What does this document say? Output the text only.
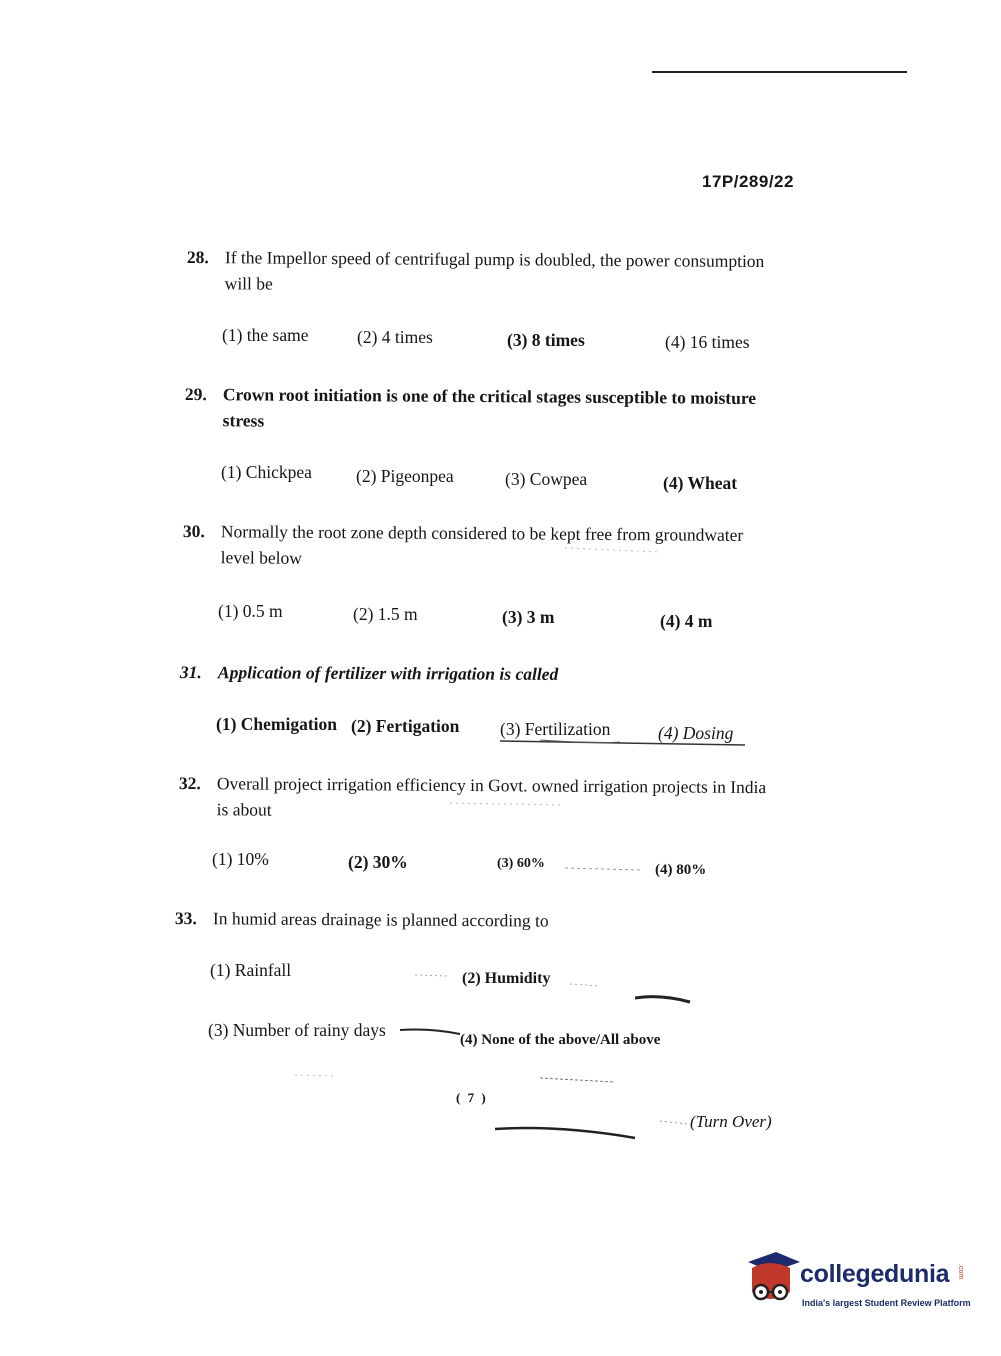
17P/289/22
28. If the Impellor speed of centrifugal pump is doubled, the power consumption
will be
(1) the same	(2) 4 times	(3) 8 times	(4) 16 times
29. Crown root initiation is one of the critical stages susceptible to moisture
stress
(1) Chickpea	(2) Pigeonpea	(3) Cowpea	(4) Wheat
30. Normally the root zone depth considered to be kept free from groundwater
level below
(1) 0.5 m	(2) 1.5 m	(3) 3 m	(4) 4 m
31. Application of fertilizer with irrigation is called
(1) Chemigation (2) Fertigation (3) Fertilization	(4) Dosing
32. Overall project irrigation efficiency in Govt. owned irrigation projects in India
is about
(1) 10%	(2) 30%	(3) 60%	(4) 80%
33. In humid areas drainage is planned according to
(1) Rainfall	(2) Humidity
(3) Number of rainy days	(4) None of the above/All above
( 7 )
(Turn Over)
collegedunia .com
India's largest Student Review Platform
